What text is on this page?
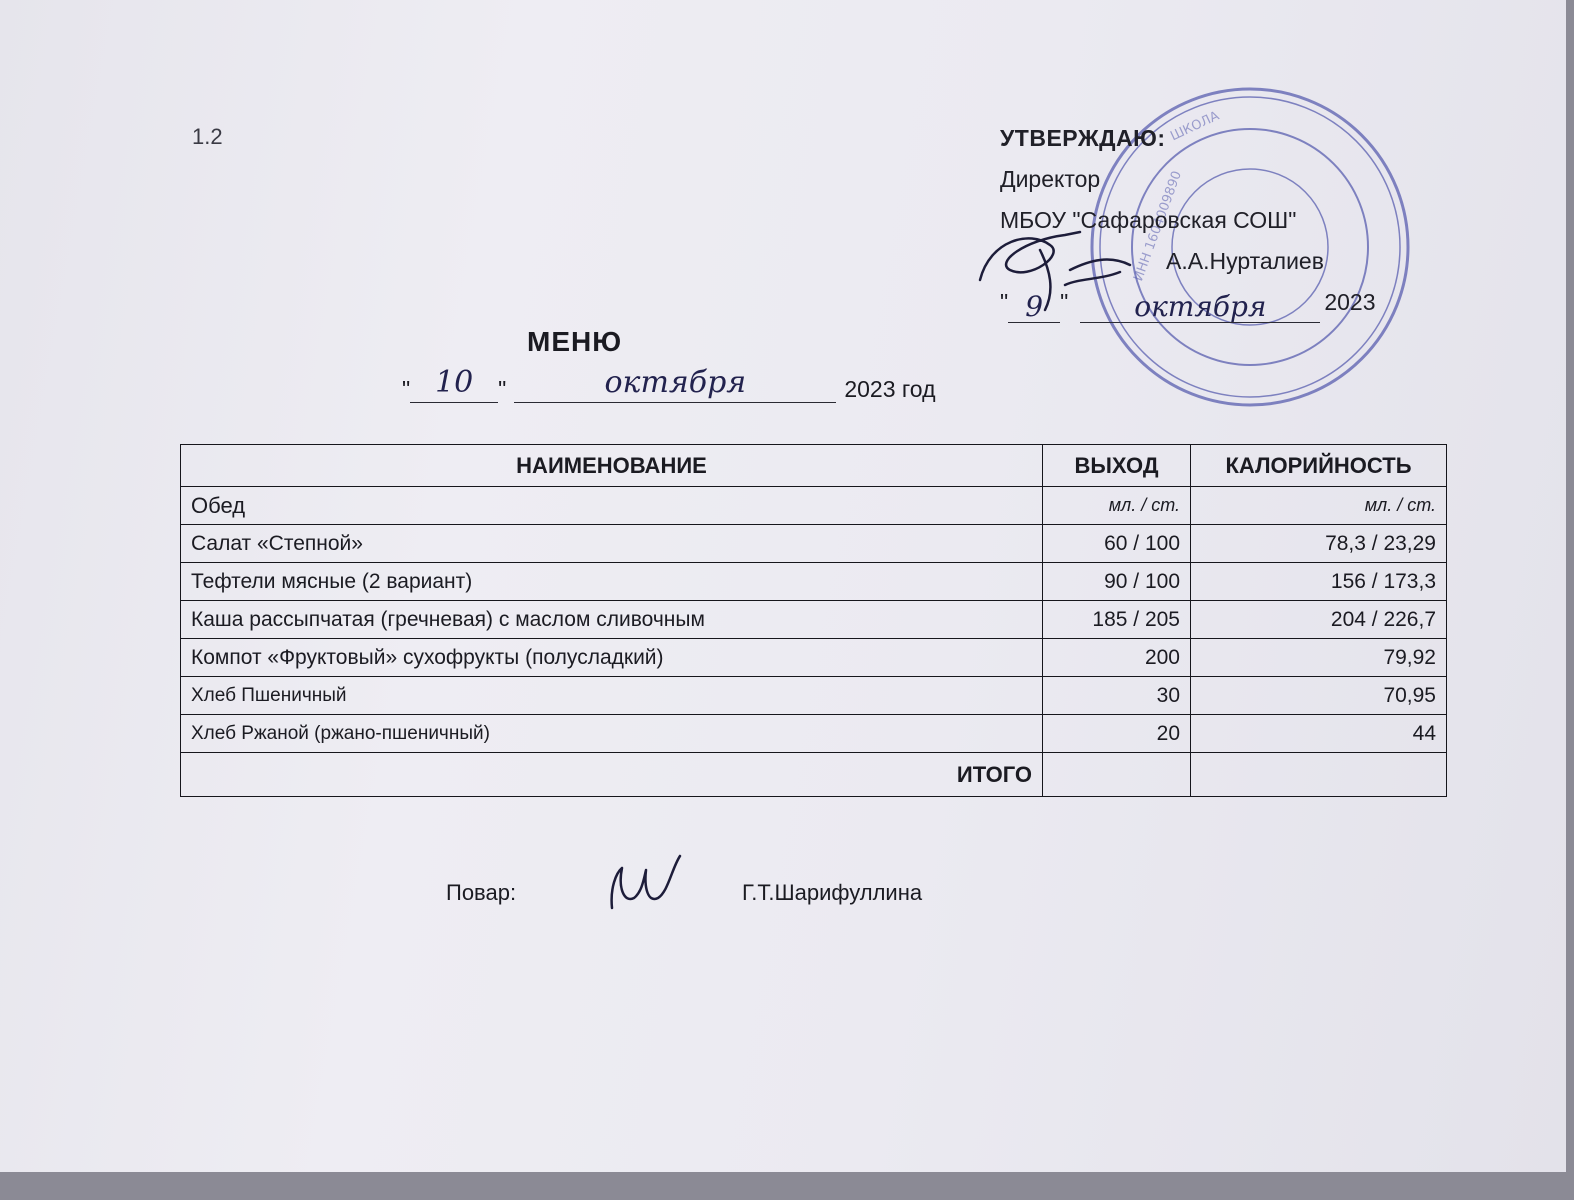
1.2
ИНН 1604009890
ШКОЛА
УТВЕРЖДАЮ:
Директор
МБОУ "Сафаровская СОШ"
А.А.Нурталиев
" 9 "	октября	2023
МЕНЮ
" 10	"	октября	2023 год
НАИМЕНОВАНИЕ	ВЫХОД	КАЛОРИЙНОСТЬ
Обед	мл. / ст.	мл. / ст.
Салат «Степной»	60 / 100	78,3 / 23,29
Тефтели мясные (2 вариант)	90 / 100	156 / 173,3
Каша рассыпчатая (гречневая) с маслом сливочным	185 / 205	204 / 226,7
Компот «Фруктовый» сухофрукты (полусладкий)	200	79,92
Хлеб Пшеничный	30	70,95
Хлеб Ржаной (ржано-пшеничный)	20	44
ИТОГО		
Повар:	Г.Т.Шарифуллина
